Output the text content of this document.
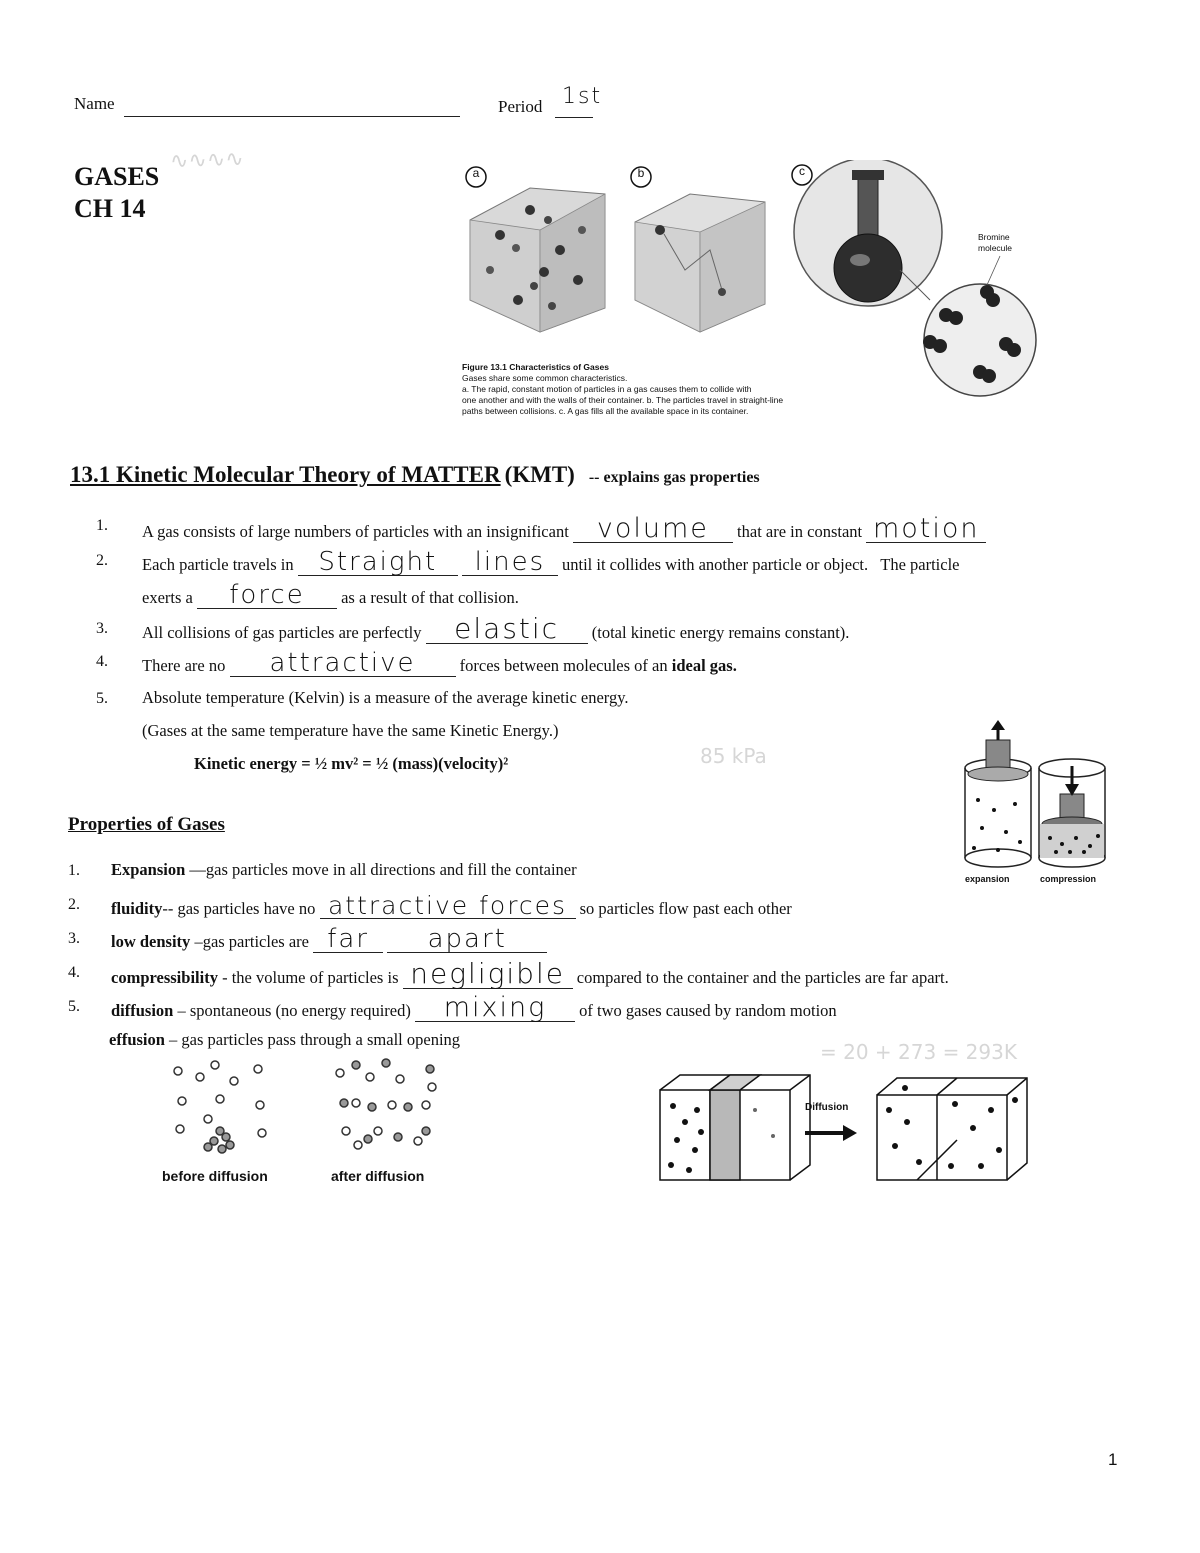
Name	Period 1st
GASES
CH 14
∿∿∿∿	a	b	c
Bromine molecule
Figure 13.1 Characteristics of Gases
Gases share some common characteristics.
a. The rapid, constant motion of particles in a gas causes them to collide with
one another and with the walls of their container. b. The particles travel in straight-line
paths between collisions. c. A gas fills all the available space in its container.
13.1 Kinetic Molecular Theory of MATTER (KMT) -- explains gas properties
1.	A gas consists of large numbers of particles with an insignificant volume that are in constant motion
2.	Each particle travels in Straight lines until it collides with another particle or object. The particle
exerts a force as a result of that collision.
3.	All collisions of gas particles are perfectly elastic (total kinetic energy remains constant).
4.	There are no attractive	forces between molecules of an ideal gas.
5.	Absolute temperature (Kelvin) is a measure of the average kinetic energy.
(Gases at the same temperature have the same Kinetic Energy.)
Kinetic energy = ½ mv² = ½ (mass)(velocity)²	85 kPa
expansion	compression
Properties of Gases
1. Expansion —gas particles move in all directions and fill the container
2. fluidity-- gas particles have no attractive forces so particles flow past each other
3. low density –gas particles are far apart
4. compressibility - the volume of particles is negligible compared to the container and the particles are far apart.
5. diffusion – spontaneous (no energy required) mixing of two gases caused by random motion
effusion – gas particles pass through a small opening
before diffusion	after diffusion
Diffusion
= 20 + 273 = 293K
1
